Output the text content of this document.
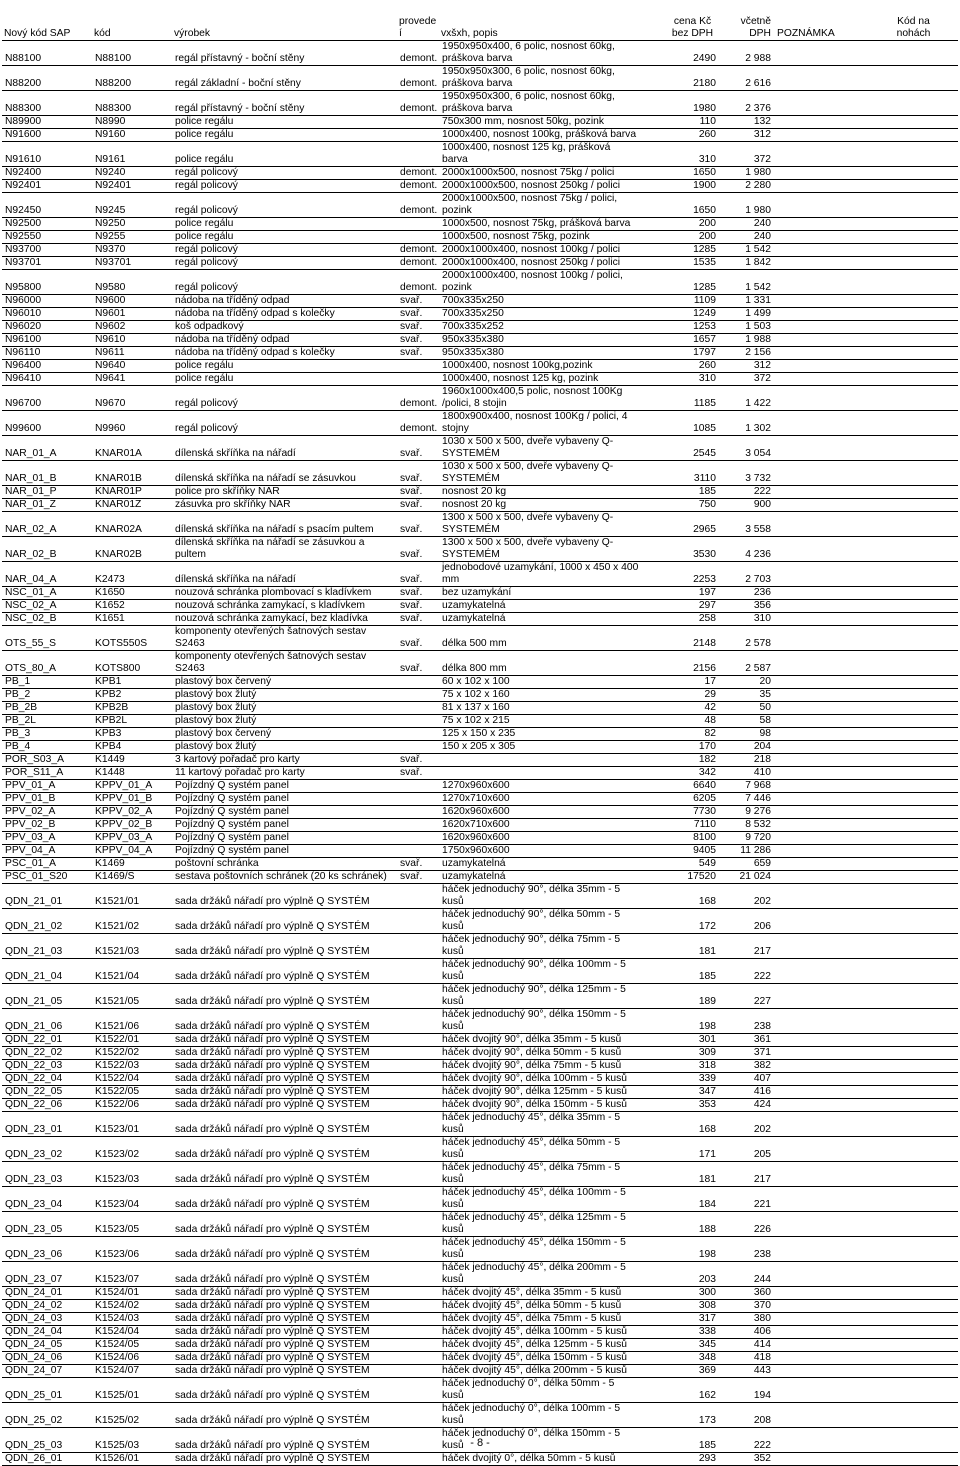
Nový kód SAP	kód	výrobek	provede
í	vxšxh, popis	cena Kč
bez DPH	včetně
DPH	POZNÁMKA	Kód na
nohách
N88100	N88100	regál přístavný - boční stěny	demont.	1950x950x400, 6 polic, nosnost 60kg,
práškova barva	2490	2 988		
N88200	N88200	regál základní - boční stěny	demont.	1950x950x300, 6 polic, nosnost 60kg,
práškova barva	2180	2 616		
N88300	N88300	regál přístavný - boční stěny	demont.	1950x950x300, 6 polic, nosnost 60kg,
práškova barva	1980	2 376		
N89900	N8990	police regálu		750x300 mm, nosnost 50kg, pozink	110	132		
N91600	N9160	police regálu		1000x400, nosnost 100kg, prášková barva	260	312		
N91610	N9161	police regálu		1000x400, nosnost 125 kg, prášková
barva	310	372		
N92400	N9240	regál policový	demont.	2000x1000x500, nosnost 75kg / polici	1650	1 980		
N92401	N92401	regál policový	demont.	2000x1000x500, nosnost 250kg / polici	1900	2 280		
N92450	N9245	regál policový	demont.	2000x1000x500, nosnost 75kg / polici,
pozink	1650	1 980		
N92500	N9250	police regálu		1000x500, nosnost 75kg, prášková barva	200	240		
N92550	N9255	police regálu		1000x500, nosnost 75kg, pozink	200	240		
N93700	N9370	regál policový	demont.	2000x1000x400, nosnost 100kg / polici	1285	1 542		
N93701	N93701	regál policový	demont.	2000x1000x400, nosnost 250kg / polici	1535	1 842		
N95800	N9580	regál policový	demont.	2000x1000x400, nosnost 100kg / polici,
pozink	1285	1 542		
N96000	N9600	nádoba na tříděný odpad	svař.	700x335x250	1109	1 331		
N96010	N9601	nádoba na tříděný odpad s kolečky	svař.	700x335x250	1249	1 499		
N96020	N9602	koš odpadkový	svař.	700x335x252	1253	1 503		
N96100	N9610	nádoba na tříděný odpad	svař.	950x335x380	1657	1 988		
N96110	N9611	nádoba na tříděný odpad s kolečky	svař.	950x335x380	1797	2 156		
N96400	N9640	police regálu		1000x400, nosnost 100kg,pozink	260	312		
N96410	N9641	police regálu		1000x400, nosnost 125 kg, pozink	310	372		
N96700	N9670	regál policový	demont.	1960x1000x400,5 polic, nosnost 100Kg
/polici, 8 stojin	1185	1 422		
N99600	N9960	regál policový	demont.	1800x900x400, nosnost 100Kg / polici, 4
stojny	1085	1 302		
NAR_01_A	KNAR01A	dílenská skříňka na nářadí	svař.	1030 x 500 x 500, dveře vybaveny Q-
SYSTEMÉM	2545	3 054		
NAR_01_B	KNAR01B	dílenská skříňka na nářadí se zásuvkou	svař.	1030 x 500 x 500, dveře vybaveny Q-
SYSTEMÉM	3110	3 732		
NAR_01_P	KNAR01P	police pro skříňky NAR	svař.	nosnost 20 kg	185	222		
NAR_01_Z	KNAR01Z	zásuvka pro skříňky NAR	svař.	nosnost 20 kg	750	900		
NAR_02_A	KNAR02A	dílenská skříňka na nářadí s psacím pultem	svař.	1300 x 500 x 500, dveře vybaveny Q-
SYSTEMÉM	2965	3 558		
NAR_02_B	KNAR02B	dílenská skříňka na nářadí se zásuvkou a
pultem	svař.	1300 x 500 x 500, dveře vybaveny Q-
SYSTEMÉM	3530	4 236		
NAR_04_A	K2473	dílenská skříňka na nářadí	svař.	jednobodové uzamykání, 1000 x 450 x 400
mm	2253	2 703		
NSC_01_A	K1650	nouzová schránka plombovací s kladívkem	svař.	bez uzamykání	197	236		
NSC_02_A	K1652	nouzová schránka zamykací, s kladívkem	svař.	uzamykatelná	297	356		
NSC_02_B	K1651	nouzová schránka zamykací, bez kladívka	svař.	uzamykatelná	258	310		
OTS_55_S	KOTS550S	komponenty otevřených šatnových sestav
S2463	svař.	délka 500 mm	2148	2 578		
OTS_80_A	KOTS800	komponenty otevřených šatnových sestav
S2463	svař.	délka 800 mm	2156	2 587		
PB_1	KPB1	plastový box červený		60 x 102 x 100	17	20		
PB_2	KPB2	plastový box žlutý		75 x 102 x 160	29	35		
PB_2B	KPB2B	plastový box žlutý		81 x 137 x 160	42	50		
PB_2L	KPB2L	plastový box žlutý		75 x 102 x 215	48	58		
PB_3	KPB3	plastový box červený		125 x 150 x 235	82	98		
PB_4	KPB4	plastový box žlutý		150 x 205 x 305	170	204		
POR_S03_A	K1449	3 kartový pořadač pro karty	svař.		182	218		
POR_S11_A	K1448	11 kartový pořadač pro karty	svař.		342	410		
PPV_01_A	KPPV_01_A	Pojízdný Q systém panel		1270x960x600	6640	7 968		
PPV_01_B	KPPV_01_B	Pojízdný Q systém panel		1270x710x600	6205	7 446		
PPV_02_A	KPPV_02_A	Pojízdný Q systém panel		1620x960x600	7730	9 276		
PPV_02_B	KPPV_02_B	Pojízdný Q systém panel		1620x710x600	7110	8 532		
PPV_03_A	KPPV_03_A	Pojízdný Q systém panel		1620x960x600	8100	9 720		
PPV_04_A	KPPV_04_A	Pojízdný Q systém panel		1750x960x600	9405	11 286		
PSC_01_A	K1469	poštovní schránka	svař.	uzamykatelná	549	659		
PSC_01_S20	K1469/S	sestava poštovních schránek (20 ks schránek)	svař.	uzamykatelná	17520	21 024		
QDN_21_01	K1521/01	sada držáků nářadí pro výplně Q SYSTÉM		háček jednoduchý 90°, délka 35mm - 5
kusů	168	202		
QDN_21_02	K1521/02	sada držáků nářadí pro výplně Q SYSTÉM		háček jednoduchý 90°, délka 50mm - 5
kusů	172	206		
QDN_21_03	K1521/03	sada držáků nářadí pro výplně Q SYSTÉM		háček jednoduchý 90°, délka 75mm - 5
kusů	181	217		
QDN_21_04	K1521/04	sada držáků nářadí pro výplně Q SYSTÉM		háček jednoduchý 90°, délka 100mm - 5
kusů	185	222		
QDN_21_05	K1521/05	sada držáků nářadí pro výplně Q SYSTÉM		háček jednoduchý 90°, délka 125mm - 5
kusů	189	227		
QDN_21_06	K1521/06	sada držáků nářadí pro výplně Q SYSTÉM		háček jednoduchý 90°, délka 150mm - 5
kusů	198	238		
QDN_22_01	K1522/01	sada držáků nářadí pro výplně Q SYSTÉM		háček dvojitý 90°, délka 35mm - 5 kusů	301	361		
QDN_22_02	K1522/02	sada držáků nářadí pro výplně Q SYSTÉM		háček dvojitý 90°, délka 50mm - 5 kusů	309	371		
QDN_22_03	K1522/03	sada držáků nářadí pro výplně Q SYSTÉM		háček dvojitý 90°, délka 75mm - 5 kusů	318	382		
QDN_22_04	K1522/04	sada držáků nářadí pro výplně Q SYSTÉM		háček dvojitý 90°, délka 100mm - 5 kusů	339	407		
QDN_22_05	K1522/05	sada držáků nářadí pro výplně Q SYSTÉM		háček dvojitý 90°, délka 125mm - 5 kusů	347	416		
QDN_22_06	K1522/06	sada držáků nářadí pro výplně Q SYSTÉM		háček dvojitý 90°, délka 150mm - 5 kusů	353	424		
QDN_23_01	K1523/01	sada držáků nářadí pro výplně Q SYSTÉM		háček jednoduchý 45°, délka 35mm - 5
kusů	168	202		
QDN_23_02	K1523/02	sada držáků nářadí pro výplně Q SYSTÉM		háček jednoduchý 45°, délka 50mm - 5
kusů	171	205		
QDN_23_03	K1523/03	sada držáků nářadí pro výplně Q SYSTÉM		háček jednoduchý 45°, délka 75mm - 5
kusů	181	217		
QDN_23_04	K1523/04	sada držáků nářadí pro výplně Q SYSTÉM		háček jednoduchý 45°, délka 100mm - 5
kusů	184	221		
QDN_23_05	K1523/05	sada držáků nářadí pro výplně Q SYSTÉM		háček jednoduchý 45°, délka 125mm - 5
kusů	188	226		
QDN_23_06	K1523/06	sada držáků nářadí pro výplně Q SYSTÉM		háček jednoduchý 45°, délka 150mm - 5
kusů	198	238		
QDN_23_07	K1523/07	sada držáků nářadí pro výplně Q SYSTÉM		háček jednoduchý 45°, délka 200mm - 5
kusů	203	244		
QDN_24_01	K1524/01	sada držáků nářadí pro výplně Q SYSTÉM		háček dvojitý 45°, délka 35mm - 5 kusů	300	360		
QDN_24_02	K1524/02	sada držáků nářadí pro výplně Q SYSTÉM		háček dvojitý 45°, délka 50mm - 5 kusů	308	370		
QDN_24_03	K1524/03	sada držáků nářadí pro výplně Q SYSTÉM		háček dvojitý 45°, délka 75mm - 5 kusů	317	380		
QDN_24_04	K1524/04	sada držáků nářadí pro výplně Q SYSTÉM		háček dvojitý 45°, délka 100mm - 5 kusů	338	406		
QDN_24_05	K1524/05	sada držáků nářadí pro výplně Q SYSTÉM		háček dvojitý 45°, délka 125mm - 5 kusů	345	414		
QDN_24_06	K1524/06	sada držáků nářadí pro výplně Q SYSTÉM		háček dvojitý 45°, délka 150mm - 5 kusů	348	418		
QDN_24_07	K1524/07	sada držáků nářadí pro výplně Q SYSTÉM		háček dvojitý 45°, délka 200mm - 5 kusů	369	443		
QDN_25_01	K1525/01	sada držáků nářadí pro výplně Q SYSTÉM		háček jednoduchý 0°, délka 50mm - 5
kusů	162	194		
QDN_25_02	K1525/02	sada držáků nářadí pro výplně Q SYSTÉM		háček jednoduchý 0°, délka 100mm - 5
kusů	173	208		
QDN_25_03	K1525/03	sada držáků nářadí pro výplně Q SYSTÉM		háček jednoduchý 0°, délka 150mm - 5
kusů	185	222		
QDN_26_01	K1526/01	sada držáků nářadí pro výplně Q SYSTÉM		háček dvojitý 0°, délka 50mm - 5 kusů	293	352		
- 8 -
